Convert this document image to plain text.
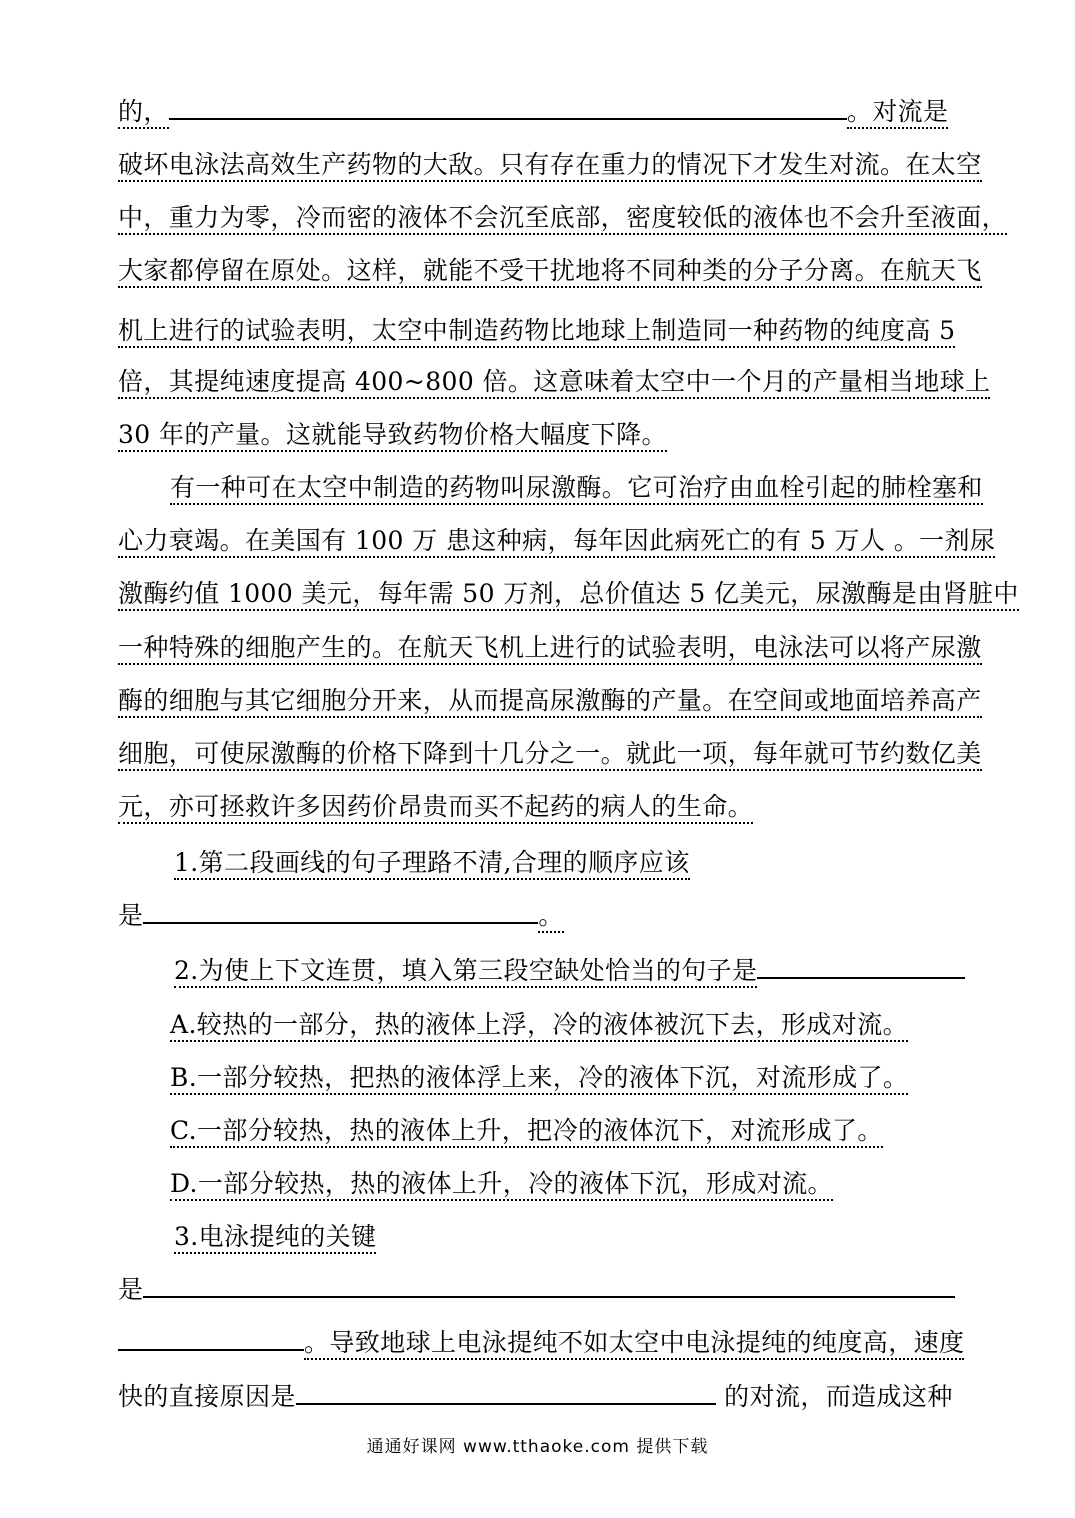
的，	。对流是
破坏电泳法高效生产药物的大敌。只有存在重力的情况下才发生对流。在太空
中，重力为零，冷而密的液体不会沉至底部，密度较低的液体也不会升至液面，
大家都停留在原处。这样，就能不受干扰地将不同种类的分子分离。在航天飞
机上进行的试验表明，太空中制造药物比地球上制造同一种药物的纯度高 5
倍，其提纯速度提高 400~800 倍。这意味着太空中一个月的产量相当地球上
30 年的产量。这就能导致药物价格大幅度下降。
有一种可在太空中制造的药物叫尿激酶。它可治疗由血栓引起的肺栓塞和
心力衰竭。在美国有 100 万 患这种病，每年因此病死亡的有 5 万人 。一剂尿
激酶约值 1000 美元，每年需 50 万剂，总价值达 5 亿美元，尿激酶是由肾脏中
一种特殊的细胞产生的。在航天飞机上进行的试验表明，电泳法可以将产尿激
酶的细胞与其它细胞分开来，从而提高尿激酶的产量。在空间或地面培养高产
细胞，可使尿激酶的价格下降到十几分之一。就此一项，每年就可节约数亿美
元，亦可拯救许多因药价昂贵而买不起药的病人的生命。
1.第二段画线的句子理路不清,合理的顺序应该
是	。
2.为使上下文连贯，填入第三段空缺处恰当的句子是
A.较热的一部分，热的液体上浮，冷的液体被沉下去，形成对流。
B.一部分较热，把热的液体浮上来，冷的液体下沉，对流形成了。
C.一部分较热，热的液体上升，把冷的液体沉下，对流形成了。
D.一部分较热，热的液体上升，冷的液体下沉，形成对流。
3.电泳提纯的关键
是
。导致地球上电泳提纯不如太空中电泳提纯的纯度高，速度
快的直接原因是	的对流，而造成这种
通通好课网 www.tthaoke.com 提供下载
